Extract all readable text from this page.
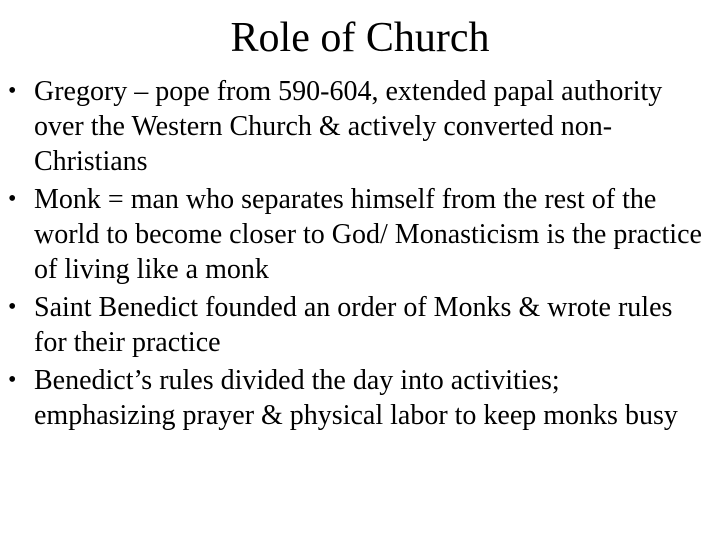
Role of Church
• Gregory – pope from 590-604, extended papal authority over the Western Church & actively converted non-Christians
• Monk = man who separates himself from the rest of the world to become closer to God/ Monasticism is the practice of living like a monk
• Saint Benedict founded an order of Monks & wrote rules for their practice
• Benedict’s rules divided the day into activities; emphasizing prayer & physical labor to keep monks busy
